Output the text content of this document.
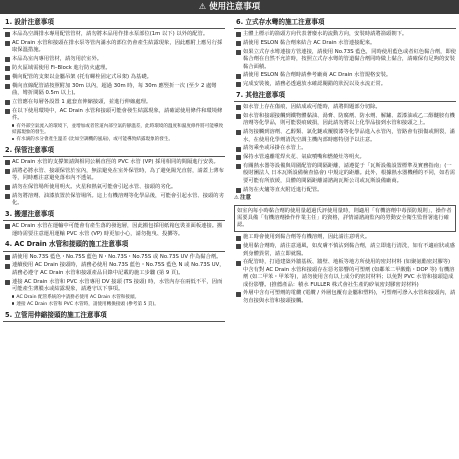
⚠ 使用注意事項
1. 設計注意事項
本品為空調排水專用配管管材，請勿將本品用作排水泵部位(1m 以下) 以外的配管。
AC Drain 水管和接頭在排水泵等管內滿水的部位仍會產生結露現象，因此應附上應另行採取保溫措施。
本品為室內專用管材，請勿用於室外。
防火區域需使用 Fi–Block 進行防火處理。
橫向配管的支架以金屬吊架 (托有螺栓固定式吊架) 為基礎。
橫向直線配管請按照附加 30m 以內，超過 30m 時，每 30m 應竪折一次 (至少 2 處彎曲，彎折間隔 0.5m 以上)。
立管應在每層各設置 1 處套直伸縮接頭，並進行伸縮處理。
在以下使用環境中，AC Drain 水管和接頭可能會發生結露現象，請確認使用條件和環境條件。
有外部空氣流入的環境下，並增加或者管道內部空氣的靜溫差，此時環境的溫度和濕度條件將可能導致結露現象的發生。
有水滴的水分會產生溫差 (比如空調機的風扇)，或可能導致結露現象的發生。
2. 保管注意事項
AC Drain 水管的支撐架請與相同公稱直徑的 PVC 水管 (VP) 採用相同的間隔進行安裝。
請將必將水管、接頭保管於室內，無法避免在室外保管時，為了避免陽光直射，請蓋上薄布等，同時應注意避免落布內不透氣。
請勿在保管場所使用明火。火星和熱氣可能會引起水管、接頭的劣化。
請勿將溶劑、油漆放置於保管場所。這上有機溶劑等化學品後，可能會引起水管、接頭的劣化。
3. 搬運注意事項
AC Drain 水管在運輸中可能會有產生落的發泡層，因此搬包採用紙箱包裝並面板連接。搬運時需要注意運用運輸 PVC 水管 (VP) 時更加小心，請勿拖曳、投擲等。
4. AC Drain 水管和接頭的施工注意事項
請使用 No.73S 藍色・No.75S 藍色 N・No.73S・No.75S 或 No.73S UV 作為黏合劑。
連續使用 AC Drain 接頭時，請務必使用 No.73S 藍色・No.75S 藍色 N 或 No.73S UV，請務必遵守 AC Drain 水管和接頭產品目錄中記載的施工步驟 (第 9 頁)。
連接 AC Drain 水管和 PVC 水管專用 DV 接頭 (TS 接頭) 時，水管內存在兩低不平，因而可能產生薄膜水或結露現象，請遵守以下事項。
AC Drain 配管系統的中請務必使用 AC Drain 水管和接頭。
連接 AC Drain 水管和 PVC 水管時，請使用轉換接頭 (參考第 5 頁)。
5. 立管用伸縮接頭的施工注意事項
6. 立式存水彎的施工注意事項
主體上標示的箭頭方向代表著廢水的流動方向，安裝時請將箭頭朝下。
請使用 ESLON 黏合劑來結合 AC Drain 水管連接配來。
如果立式存水彎連接方管連接，請使用 No.73S 藍色，同時使用藍色或者紅色黏合劑，即使黏合劑在自然不允許時，按照立式存水彎的管道黏合劑同時做上黏合，請確保有足夠的安裝黏合面積。
請使用 ESLON 黏合劑時請參考廠商 AC Drain 水管規格安裝。
完成安裝後，請務必透過放水確認閥錯的狀況以及水流正常。
7. 其他注意事項
如水管上存在傷痕，因結成或可能時，請將問題部分切除。
如水管和接頭接觸到鐵物體黏油、湯膏、防腐劑、防水劑、解鏽、蓋漆油或乙二醇醚胺有機溶劑等化學品，則可能裂痕破損，因此請勿將以上化學品接到水管和接頭之上。
請勿接觸到溶劑、乙醇類、氯化鏈或覆膜漆等化學品進入水管內，管路會有損傷或開裂，滿水，在使用化學劑清洗空調主機內部時應特別予以注意。
請勿乘坐或吊掛在水管上。
保持水管遠離電焊火花、氣砍噴嘴和燃燒灶等明火。
有關熱水器等設備與周圍配管的間隔距離，請遵從于「瓦斯設備設置標準及實務指南」(一般財團法人 日本瓦斯設備檢查協會) 中規定的距離。此外，根據熱水器機種的不同，如若需要可能有所放緩，具體的間隔距離請諮詢瓦斯公司或瓦斯設備廠商。
請勿在火爐等直火附近進行配管。
⚠注意
如室內每小時黏合劑的使用量超過氏評使用量時，則適用「有機溶劑中毒預防規則」，操作者需要具備「有機溶劑操作作業主任」的資格，詳情請諮詢監內的勞動安全衛生監督署進行確認。
施工時會使用到黏合劑等有機溶劑，因此請注意明火。
使用黏合劑時，請注意通風，如皮膚不慎沾到黏合劑，請立即進行清洗，如有不適症狀或感到身體異常，請立即就醫。
在配管時，打通建築外牆基板、牆壁、地板等地方所使用的密封材料 (如聚氨酯密封膠等) 中含有對 AC Drain 水管和接頭存在惡劣影響的可塑劑 (如鄰苯二甲酸酯・DOP 等) 有機溶劑 (如二甲苯・甲苯等)，請勿使用含有以上成分的密封材料；以免對 PVC 水管和接頭造成成份影響。(推薦產品：積水 FULLER 株式會社生產的矽氧密封膠密封材料)
外層中含有可塑劑的電纜 (電纜 / 外層包覆有金屬和塑料)，可塑劑可滲入水管和接頭內，請勿直接與水管和接頭接觸。
